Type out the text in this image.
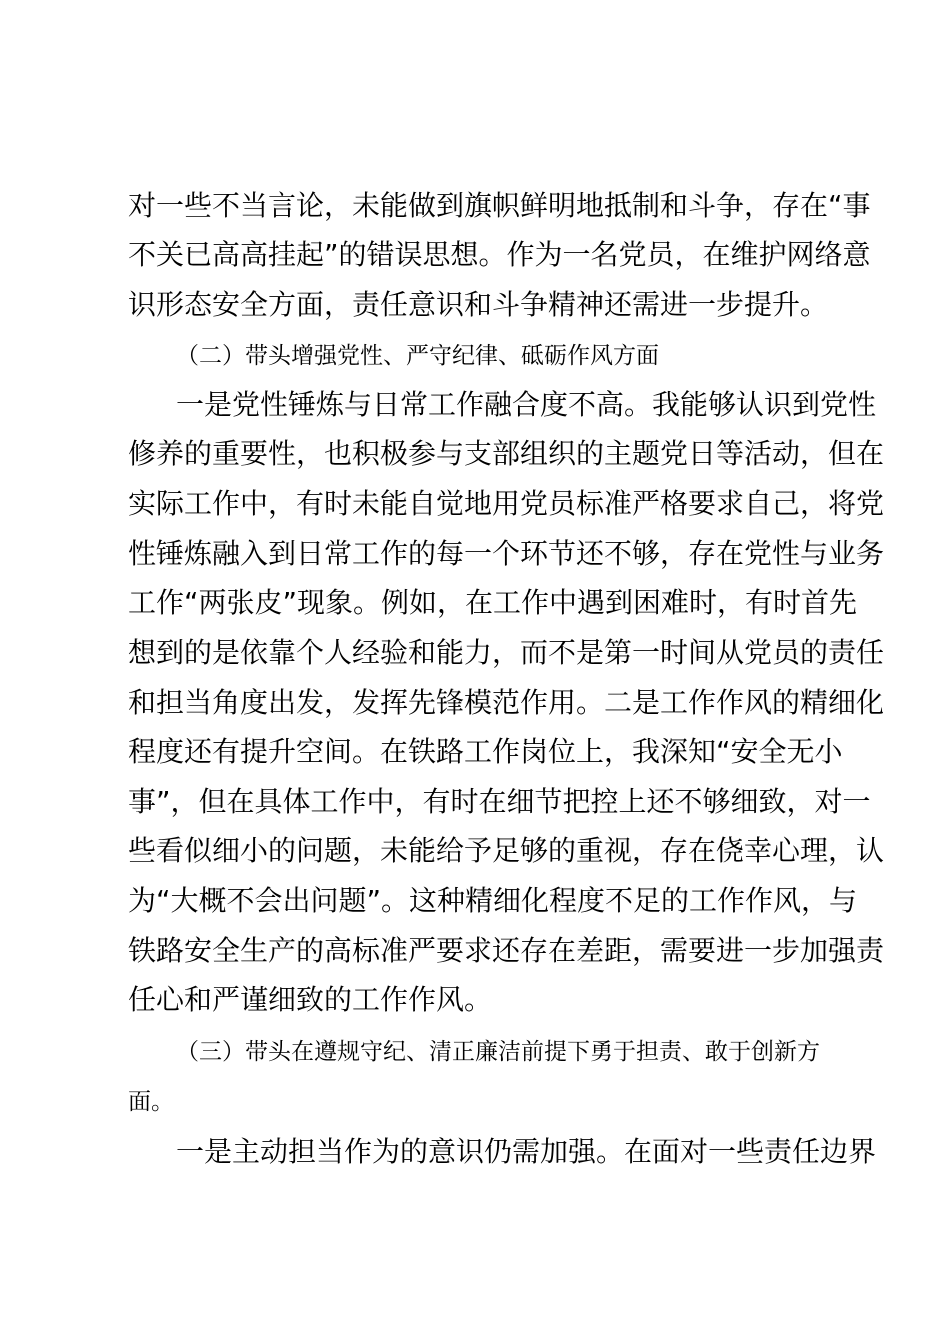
对一些不当言论，未能做到旗帜鲜明地抵制和斗争，存在“事
不关已高高挂起”的错误思想。作为一名党员，在维护网络意
识形态安全方面，责任意识和斗争精神还需进一步提升。
（二）带头增强党性、严守纪律、砥砺作风方面
一是党性锤炼与日常工作融合度不高。我能够认识到党性
修养的重要性，也积极参与支部组织的主题党日等活动，但在
实际工作中，有时未能自觉地用党员标准严格要求自己，将党
性锤炼融入到日常工作的每一个环节还不够，存在党性与业务
工作“两张皮”现象。例如，在工作中遇到困难时，有时首先
想到的是依靠个人经验和能力，而不是第一时间从党员的责任
和担当角度出发，发挥先锋模范作用。二是工作作风的精细化
程度还有提升空间。在铁路工作岗位上，我深知“安全无小
事”，但在具体工作中，有时在细节把控上还不够细致，对一
些看似细小的问题，未能给予足够的重视，存在侥幸心理，认
为“大概不会出问题”。这种精细化程度不足的工作作风，与
铁路安全生产的高标准严要求还存在差距，需要进一步加强责
任心和严谨细致的工作作风。
（三）带头在遵规守纪、清正廉洁前提下勇于担责、敢于创新方
面。
一是主动担当作为的意识仍需加强。在面对一些责任边界
